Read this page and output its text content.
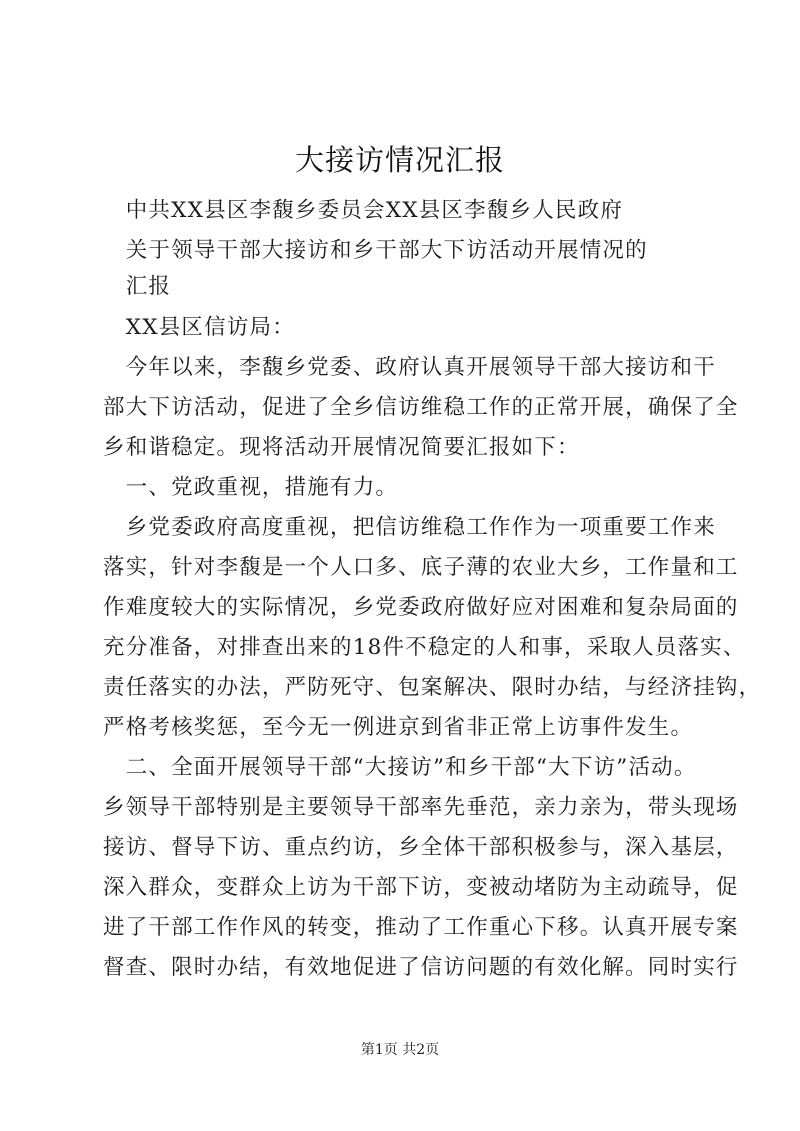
大接访情况汇报
　中共XX县区李馥乡委员会XX县区李馥乡人民政府
　关于领导干部大接访和乡干部大下访活动开展情况的
　汇报
　XX县区信访局：
　今年以来，李馥乡党委、政府认真开展领导干部大接访和干
部大下访活动，促进了全乡信访维稳工作的正常开展，确保了全
乡和谐稳定。现将活动开展情况简要汇报如下：
　一、党政重视，措施有力。
　乡党委政府高度重视，把信访维稳工作作为一项重要工作来
落实，针对李馥是一个人口多、底子薄的农业大乡，工作量和工
作难度较大的实际情况，乡党委政府做好应对困难和复杂局面的
充分准备，对排查出来的18件不稳定的人和事，采取人员落实、
责任落实的办法，严防死守、包案解决、限时办结，与经济挂钩，
严格考核奖惩，至今无一例进京到省非正常上访事件发生。
　二、全面开展领导干部“大接访”和乡干部“大下访”活动。
乡领导干部特别是主要领导干部率先垂范，亲力亲为，带头现场
接访、督导下访、重点约访，乡全体干部积极参与，深入基层，
深入群众，变群众上访为干部下访，变被动堵防为主动疏导，促
进了干部工作作风的转变，推动了工作重心下移。认真开展专案
督查、限时办结，有效地促进了信访问题的有效化解。同时实行
第1页 共2页
